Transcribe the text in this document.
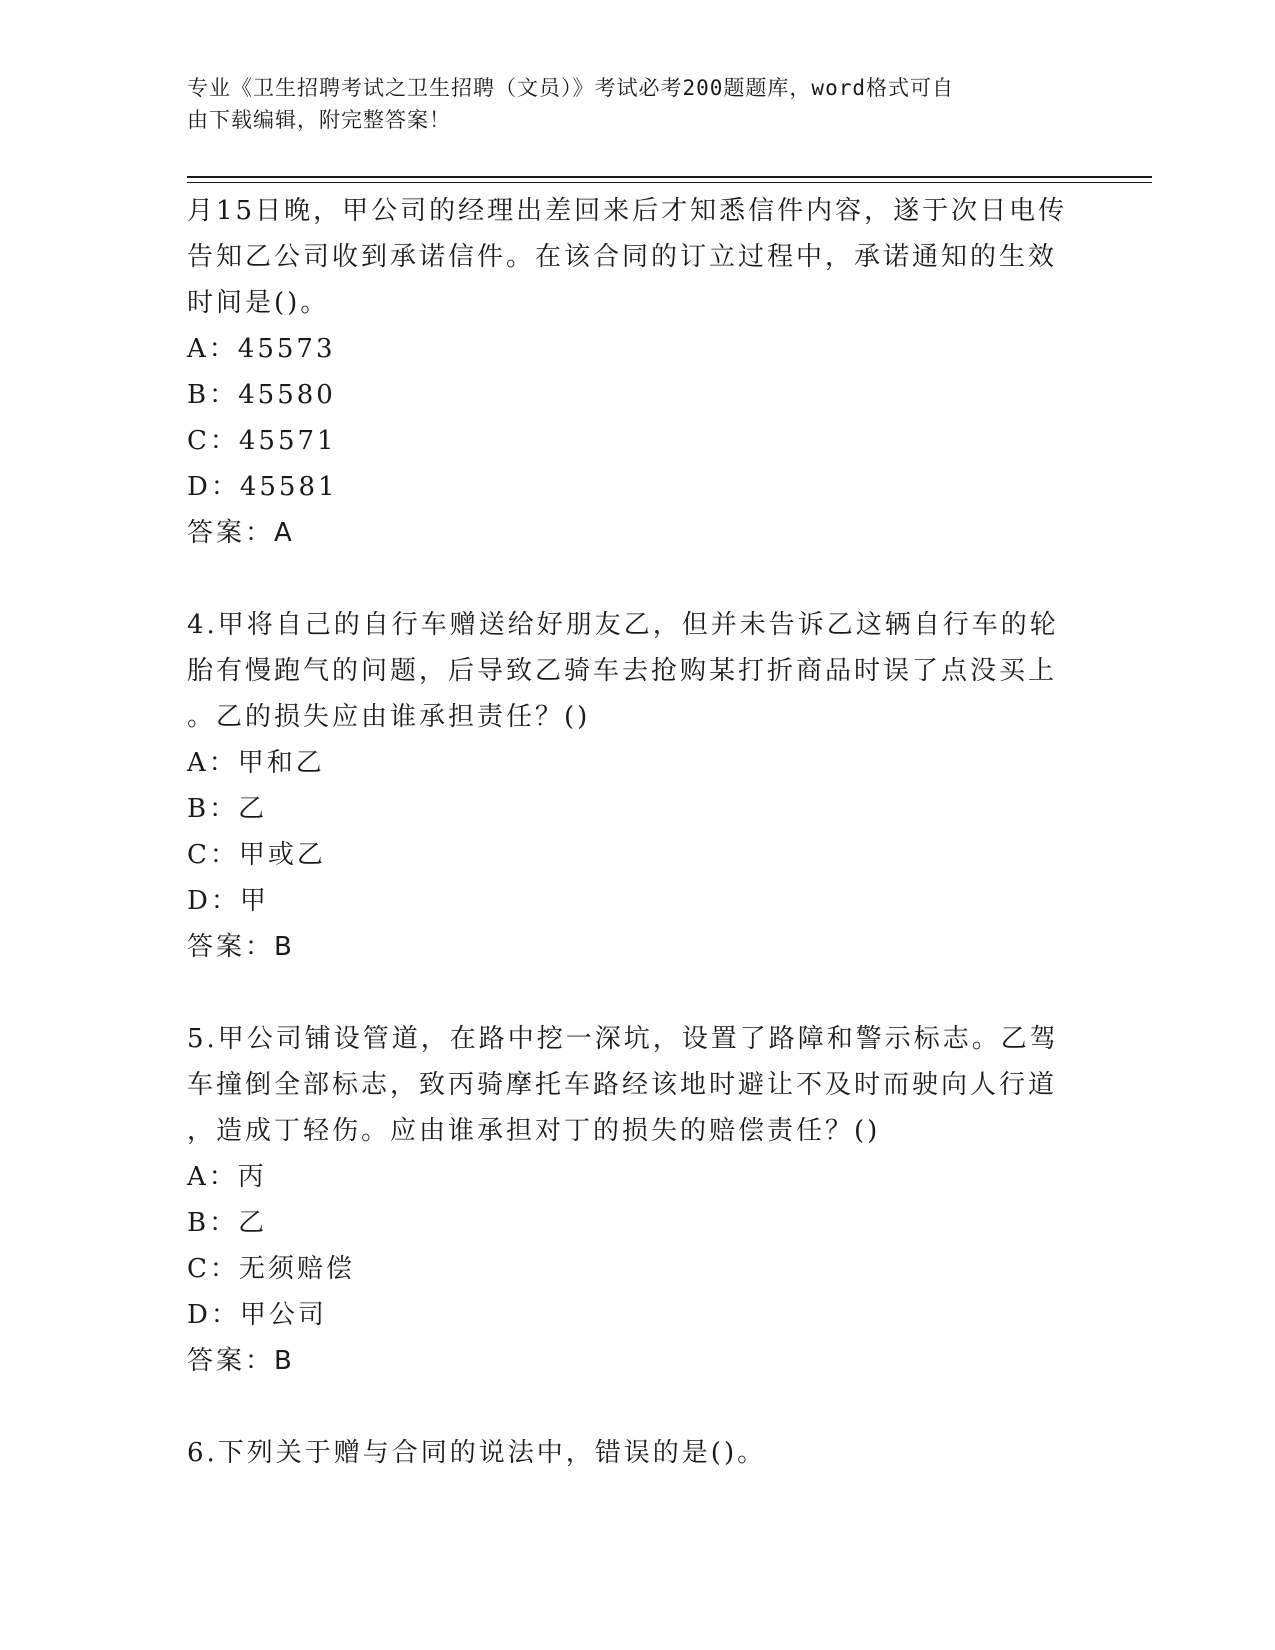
专业《卫生招聘考试之卫生招聘（文员）》考试必考200题题库，word格式可自
由下载编辑，附完整答案！

月15日晚，甲公司的经理出差回来后才知悉信件内容，遂于次日电传

告知乙公司收到承诺信件。在该合同的订立过程中，承诺通知的生效

时间是()。

A：45573

B：45580

C：45571

D：45581

答案：A

4.甲将自己的自行车赠送给好朋友乙，但并未告诉乙这辆自行车的轮

胎有慢跑气的问题，后导致乙骑车去抢购某打折商品时误了点没买上

。乙的损失应由谁承担责任？()

A：甲和乙

B：乙

C：甲或乙

D：甲

答案：B

5.甲公司铺设管道，在路中挖一深坑，设置了路障和警示标志。乙驾

车撞倒全部标志，致丙骑摩托车路经该地时避让不及时而驶向人行道

，造成丁轻伤。应由谁承担对丁的损失的赔偿责任？()

A：丙

B：乙

C：无须赔偿

D：甲公司

答案：B

6.下列关于赠与合同的说法中，错误的是()。
